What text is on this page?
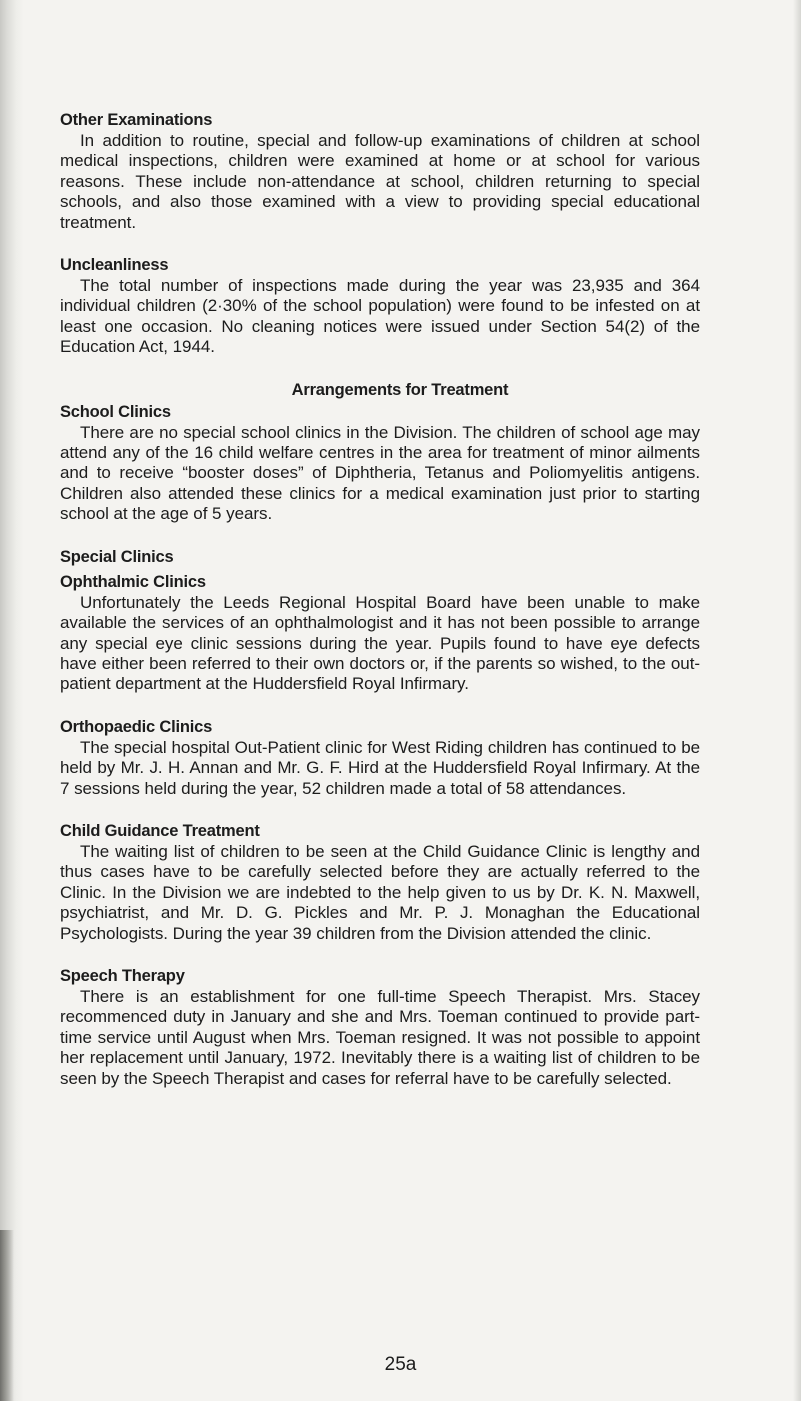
Other Examinations

In addition to routine, special and follow-up examinations of children at school medical inspections, children were examined at home or at school for various reasons. These include non-attendance at school, children returning to special schools, and also those examined with a view to providing special educational treatment.

Uncleanliness

The total number of inspections made during the year was 23,935 and 364 individual children (2·30% of the school population) were found to be infested on at least one occasion. No cleaning notices were issued under Section 54(2) of the Education Act, 1944.

Arrangements for Treatment
School Clinics

There are no special school clinics in the Division. The children of school age may attend any of the 16 child welfare centres in the area for treatment of minor ailments and to receive “booster doses” of Diphtheria, Tetanus and Poliomyelitis antigens. Children also attended these clinics for a medical examination just prior to starting school at the age of 5 years.

Special Clinics
Ophthalmic Clinics

Unfortunately the Leeds Regional Hospital Board have been unable to make available the services of an ophthalmologist and it has not been possible to arrange any special eye clinic sessions during the year. Pupils found to have eye defects have either been referred to their own doctors or, if the parents so wished, to the out-patient department at the Huddersfield Royal Infirmary.

Orthopaedic Clinics

The special hospital Out-Patient clinic for West Riding children has continued to be held by Mr. J. H. Annan and Mr. G. F. Hird at the Huddersfield Royal Infirmary. At the 7 sessions held during the year, 52 children made a total of 58 attendances.

Child Guidance Treatment

The waiting list of children to be seen at the Child Guidance Clinic is lengthy and thus cases have to be carefully selected before they are actually referred to the Clinic. In the Division we are indebted to the help given to us by Dr. K. N. Maxwell, psychiatrist, and Mr. D. G. Pickles and Mr. P. J. Monaghan the Educational Psychologists. During the year 39 children from the Division attended the clinic.

Speech Therapy

There is an establishment for one full-time Speech Therapist. Mrs. Stacey recommenced duty in January and she and Mrs. Toeman continued to provide part-time service until August when Mrs. Toeman resigned. It was not possible to appoint her replacement until January, 1972. Inevitably there is a waiting list of children to be seen by the Speech Therapist and cases for referral have to be carefully selected.

25a
